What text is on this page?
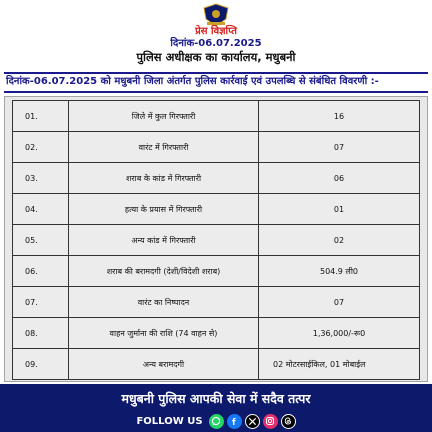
प्रेस विज्ञप्ति
दिनांक-06.07.2025
पुलिस अधीक्षक का कार्यालय, मधुबनी
दिनांक-06.07.2025 को मधुबनी जिला अंतर्गत पुलिस कार्रवाई एवं उपलब्धि से संबंधित विवरणी :-
01.	जिले में कुल गिरफ्तारी	16
02.	वारंट में गिरफ्तारी	07
03.	शराब के कांड में गिरफ्तारी	06
04.	हत्या के प्रयास में गिरफ्तारी	01
05.	अन्य कांड में गिरफ्तारी	02
06.	शराब की बरामदगी (देशी/विदेशी शराब)	504.9 ली0
07.	वारंट का निष्पादन	07
08.	वाहन जुर्माना की राशि (74 वाहन से)	1,36,000/-रू0
09.	अन्य बरामदगी	02 मोटरसाईकिल, 01 मोबाईल
मधुबनी पुलिस आपकी सेवा में सदैव तत्पर
FOLLOW US
